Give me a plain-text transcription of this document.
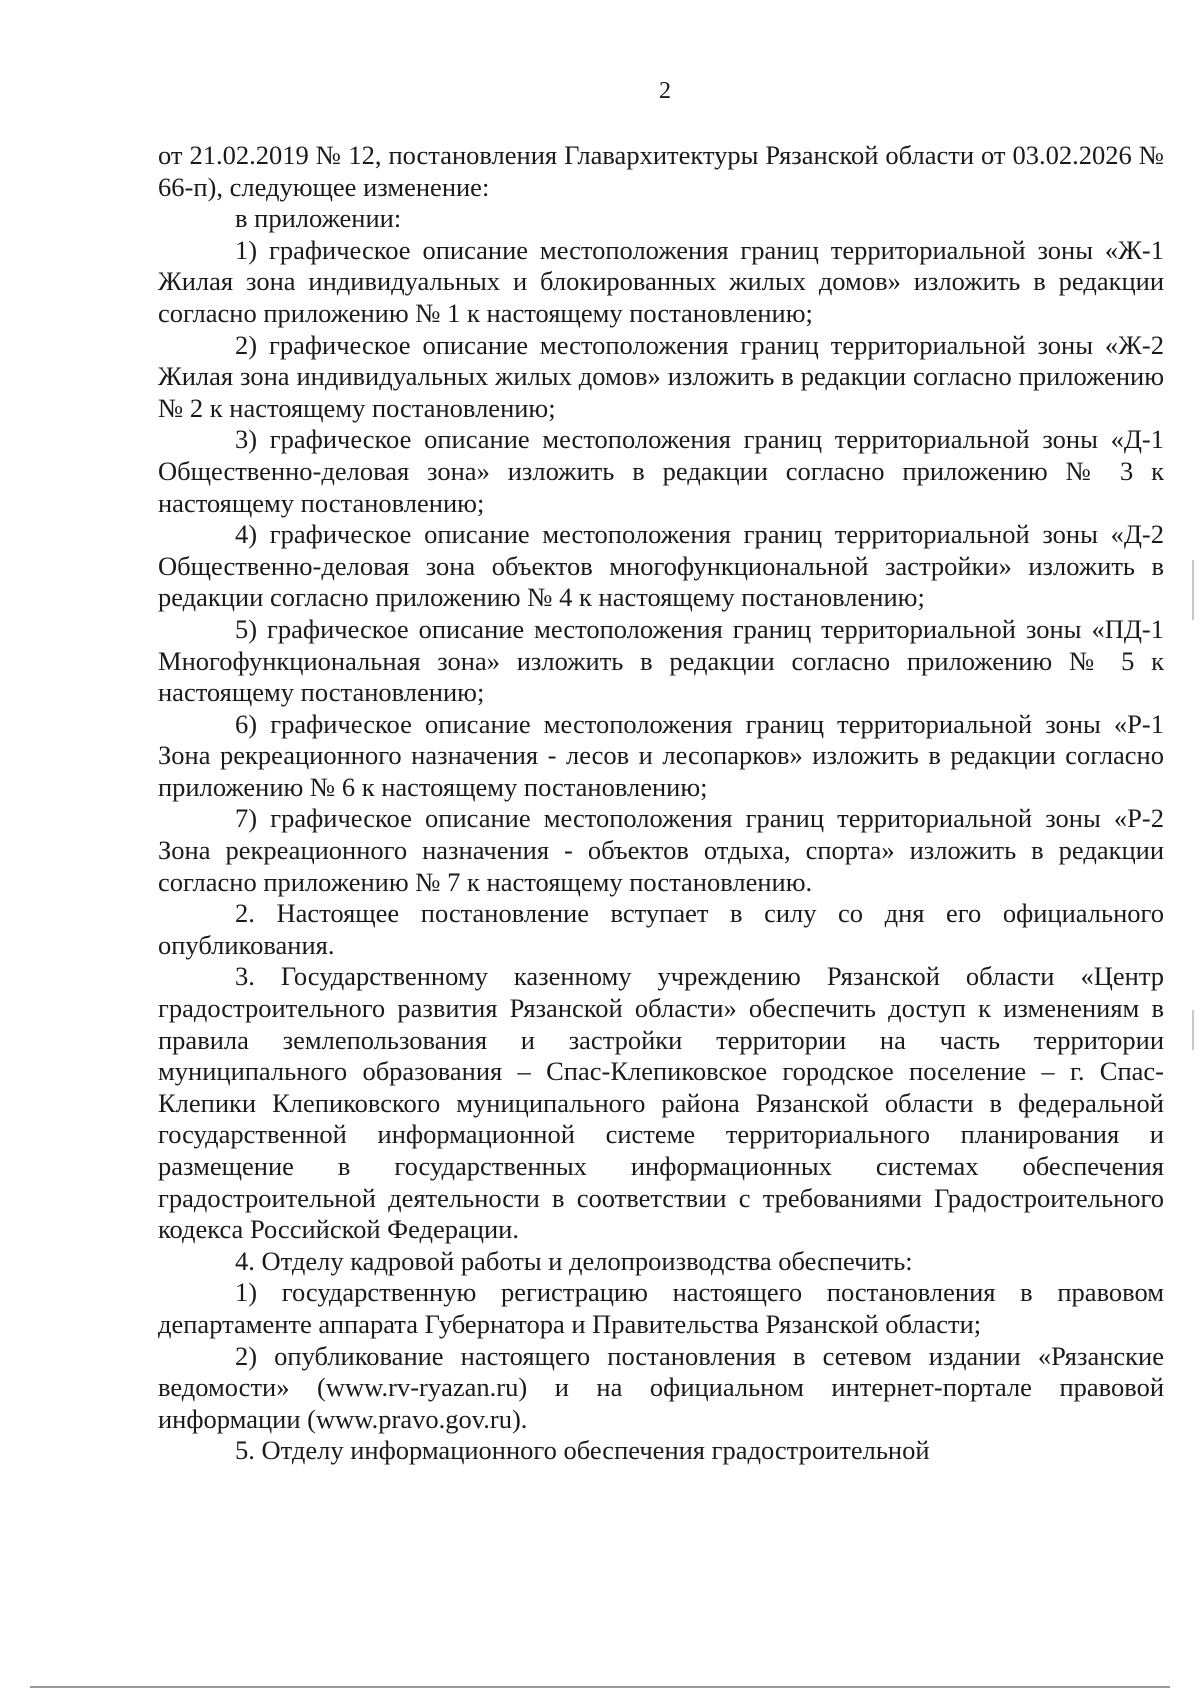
2

от 21.02.2019 № 12, постановления Главархитектуры Рязанской области от 03.02.2026 № 66-п), следующее изменение:

в приложении:

1) графическое описание местоположения границ территориальной зоны «Ж-1 Жилая зона индивидуальных и блокированных жилых домов» изложить в редакции согласно приложению № 1 к настоящему постановлению;

2) графическое описание местоположения границ территориальной зоны «Ж-2 Жилая зона индивидуальных жилых домов» изложить в редакции согласно приложению № 2 к настоящему постановлению;

3) графическое описание местоположения границ территориальной зоны «Д-1 Общественно-деловая зона» изложить в редакции согласно приложению № 3 к настоящему постановлению;

4) графическое описание местоположения границ территориальной зоны «Д-2 Общественно-деловая зона объектов многофункциональной застройки» изложить в редакции согласно приложению № 4 к настоящему постановлению;

5) графическое описание местоположения границ территориальной зоны «ПД-1 Многофункциональная зона» изложить в редакции согласно приложению № 5 к настоящему постановлению;

6) графическое описание местоположения границ территориальной зоны «Р-1 Зона рекреационного назначения - лесов и лесопарков» изложить в редакции согласно приложению № 6 к настоящему постановлению;

7) графическое описание местоположения границ территориальной зоны «Р-2 Зона рекреационного назначения - объектов отдыха, спорта» изложить в редакции согласно приложению № 7 к настоящему постановлению.

2. Настоящее постановление вступает в силу со дня его официального опубликования.

3. Государственному казенному учреждению Рязанской области «Центр градостроительного развития Рязанской области» обеспечить доступ к изменениям в правила землепользования и застройки территории на часть территории муниципального образования – Спас-Клепиковское городское поселение – г. Спас-Клепики Клепиковского муниципального района Рязанской области в федеральной государственной информационной системе территориального планирования и размещение в государственных информационных системах обеспечения градостроительной деятельности в соответствии с требованиями Градостроительного кодекса Российской Федерации.

4. Отделу кадровой работы и делопроизводства обеспечить:

1) государственную регистрацию настоящего постановления в правовом департаменте аппарата Губернатора и Правительства Рязанской области;

2) опубликование настоящего постановления в сетевом издании «Рязанские ведомости» (www.rv-ryazan.ru) и на официальном интернет-портале правовой информации (www.pravo.gov.ru).

5. Отделу информационного обеспечения градостроительной
